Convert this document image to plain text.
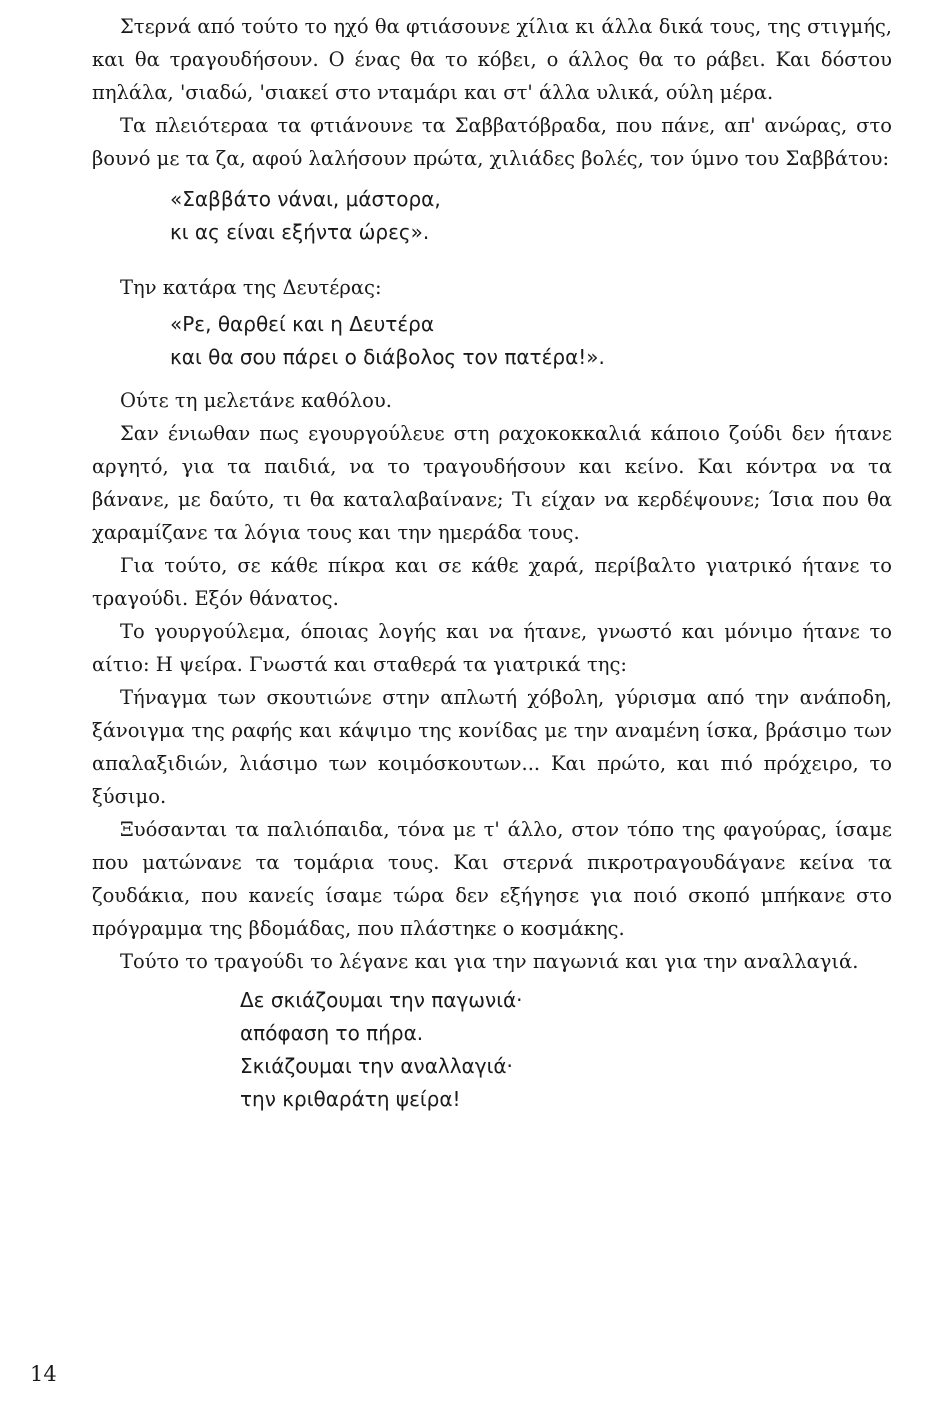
Στερνά από τούτο το ηχό θα φτιάσουνε χίλια κι άλλα δικά τους, της στιγμής, και θα τραγουδήσουν. Ο ένας θα το κόβει, ο άλλος θα το ράβει. Και δόστου πηλάλα, 'σιαδώ, 'σιακεί στο νταμάρι και στ' άλλα υλικά, ούλη μέρα.

Τα πλειότεραα τα φτιάνουνε τα Σαββατόβραδα, που πάνε, απ' ανώρας, στο βουνό με τα ζα, αφού λαλήσουν πρώτα, χιλιάδες βολές, τον ύμνο του Σαββάτου:

«Σαββάτο νάναι, μάστορα,
κι ας είναι εξήντα ώρες».

Την κατάρα της Δευτέρας:

«Ρε, θαρθεί και η Δευτέρα
και θα σου πάρει ο διάβολος τον πατέρα!».

Ούτε τη μελετάνε καθόλου.

Σαν ένιωθαν πως εγουργούλευε στη ραχοκοκκαλιά κάποιο ζούδι δεν ήτανε αργητό, για τα παιδιά, να το τραγουδήσουν και κείνο. Και κόντρα να τα βάνανε, με δαύτο, τι θα καταλαβαίνανε; Τι είχαν να κερδέψουνε; Ίσια που θα χαραμίζανε τα λόγια τους και την ημεράδα τους.

Για τούτο, σε κάθε πίκρα και σε κάθε χαρά, περίβαλτο γιατρικό ήτανε το τραγούδι. Εξόν θάνατος.

Το γουργούλεμα, όποιας λογής και να ήτανε, γνωστό και μόνιμο ήτανε το αίτιο: Η ψείρα. Γνωστά και σταθερά τα γιατρικά της:

Τήναγμα των σκουτιώνε στην απλωτή χόβολη, γύρισμα από την ανάποδη, ξάνοιγμα της ραφής και κάψιμο της κονίδας με την αναμένη ίσκα, βράσιμο των απαλαξιδιών, λιάσιμο των κοιμόσκουτων... Και πρώτο, και πιό πρόχειρο, το ξύσιμο.

Ξυόσανται τα παλιόπαιδα, τόνα με τ' άλλο, στον τόπο της φαγούρας, ίσαμε που ματώνανε τα τομάρια τους. Και στερνά πικροτραγουδάγανε κείνα τα ζουδάκια, που κανείς ίσαμε τώρα δεν εξήγησε για ποιό σκοπό μπήκανε στο πρόγραμμα της βδομάδας, που πλάστηκε ο κοσμάκης.

Τούτο το τραγούδι το λέγανε και για την παγωνιά και για την αναλλαγιά.

Δε σκιάζουμαι την παγωνιά·
απόφαση το πήρα.
Σκιάζουμαι την αναλλαγιά·
την κριθαράτη ψείρα!
14
